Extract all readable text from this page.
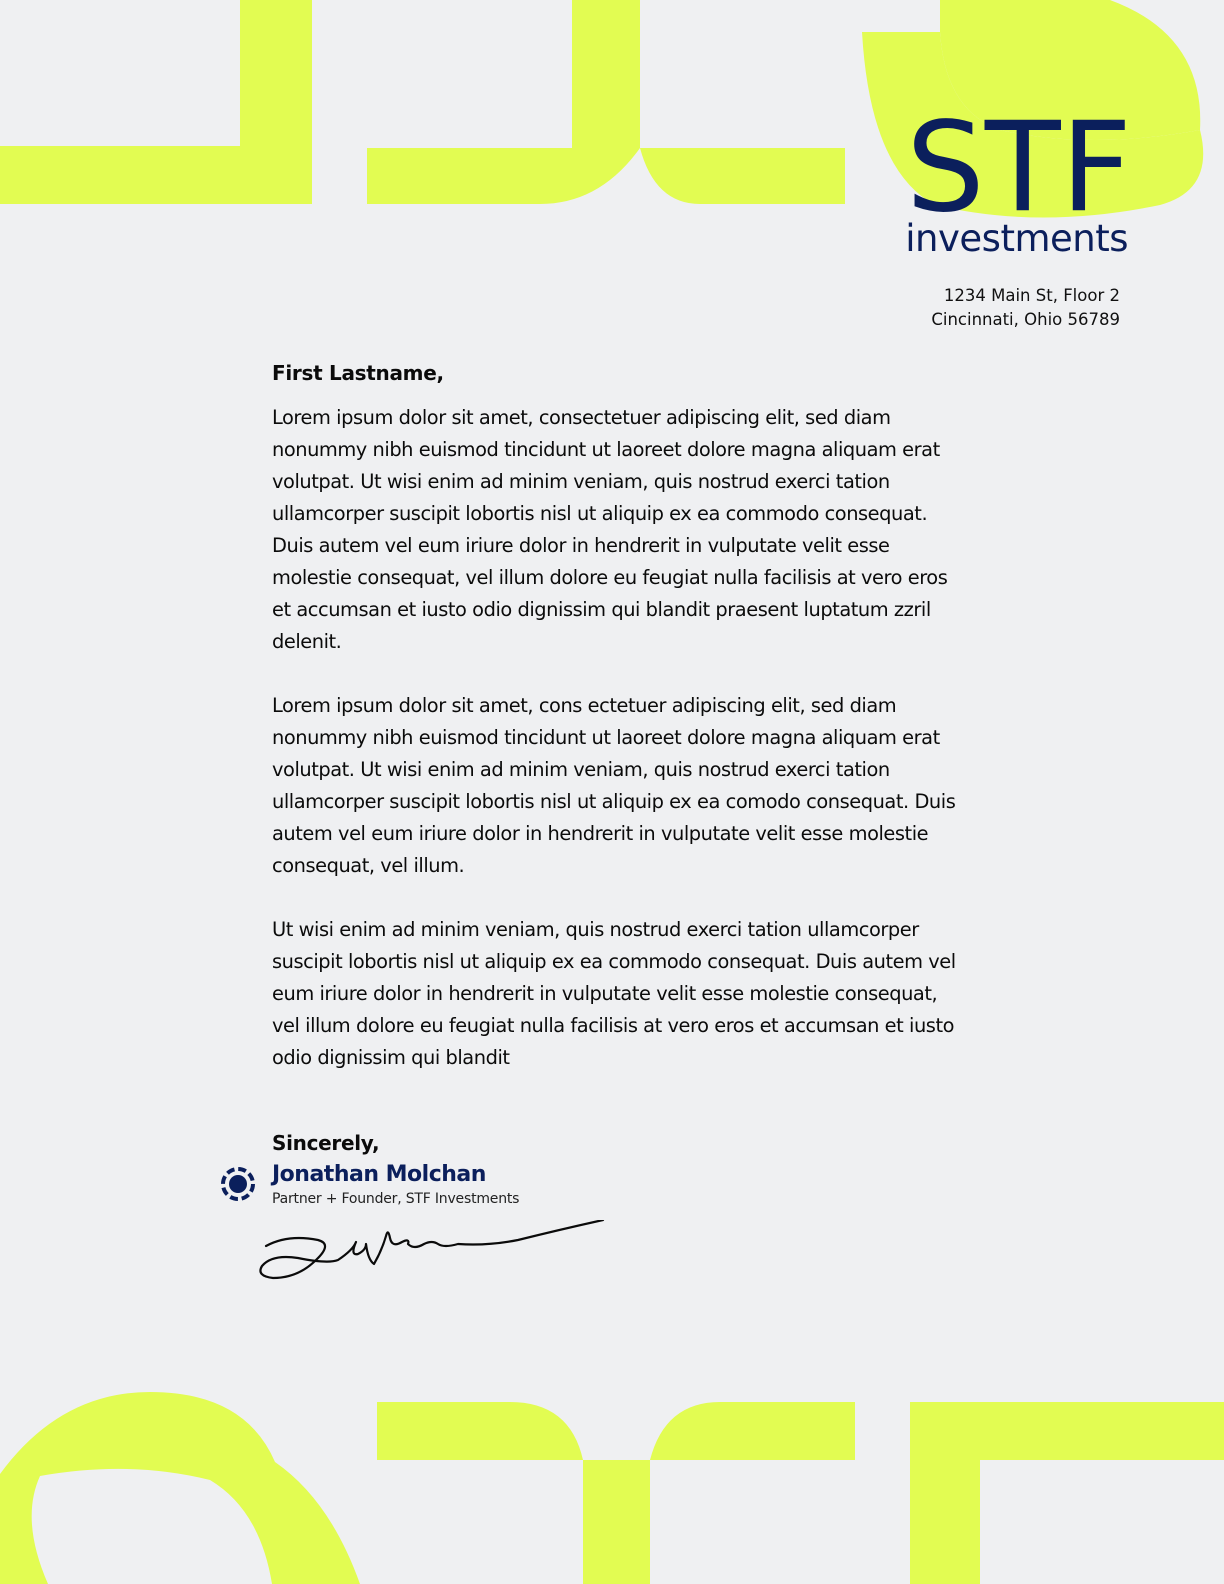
STF
investments
1234 Main St, Floor 2
Cincinnati, Ohio 56789

First Lastname,

Lorem ipsum dolor sit amet, consectetuer adipiscing elit, sed diam nonummy nibh euismod tincidunt ut laoreet dolore magna aliquam erat volutpat. Ut wisi enim ad minim veniam, quis nostrud exerci tation ullamcorper suscipit lobortis nisl ut aliquip ex ea commodo consequat. Duis autem vel eum iriure dolor in hendrerit in vulputate velit esse molestie consequat, vel illum dolore eu feugiat nulla facilisis at vero eros et accumsan et iusto odio dignissim qui blandit praesent luptatum zzril delenit.

Lorem ipsum dolor sit amet, cons ectetuer adipiscing elit, sed diam nonummy nibh euismod tincidunt ut laoreet dolore magna aliquam erat volutpat. Ut wisi enim ad minim veniam, quis nostrud exerci tation ullamcorper suscipit lobortis nisl ut aliquip ex ea comodo consequat. Duis autem vel eum iriure dolor in hendrerit in vulputate velit esse molestie consequat, vel illum.

Ut wisi enim ad minim veniam, quis nostrud exerci tation ullamcorper suscipit lobortis nisl ut aliquip ex ea commodo consequat. Duis autem vel eum iriure dolor in hendrerit in vulputate velit esse molestie consequat, vel illum dolore eu feugiat nulla facilisis at vero eros et accumsan et iusto odio dignissim qui blandit

Sincerely,
Jonathan Molchan
Partner + Founder, STF Investments
